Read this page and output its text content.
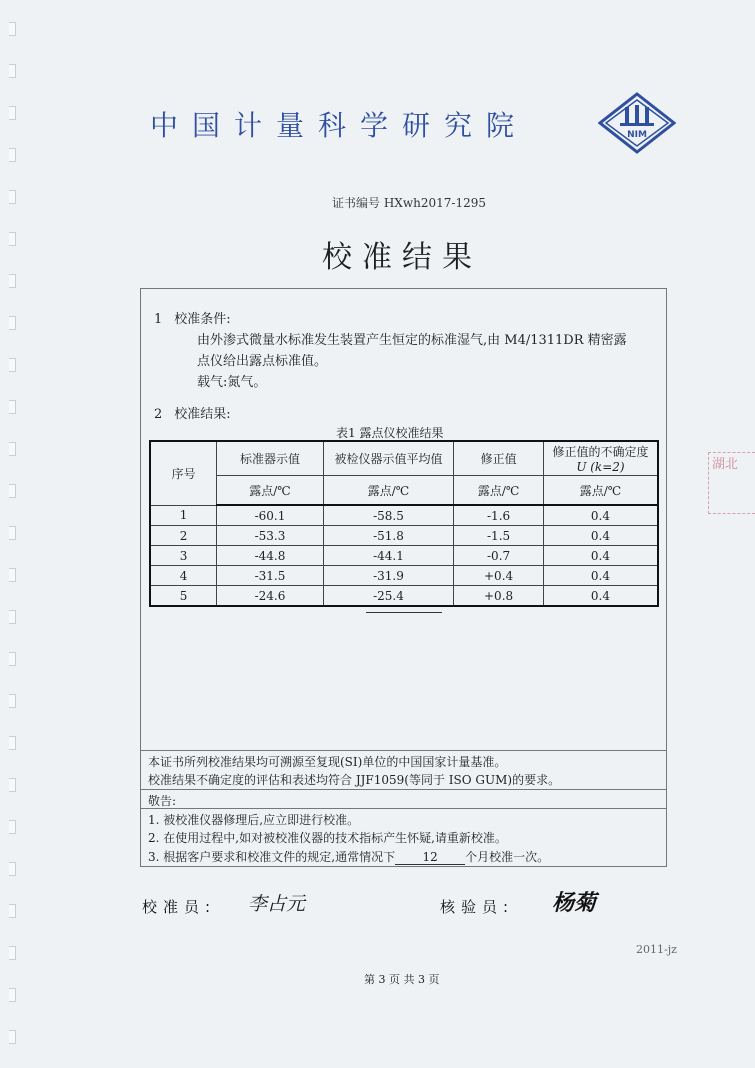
中国计量科学研究院	NIM
证书编号 HXwh2017-1295
校准结果
1 校准条件:

由外渗式微量水标准发生装置产生恒定的标准湿气,由 M4/1311DR 精密露

点仪给出露点标准值。

载气:氮气。

2 校准结果:
表1 露点仪校准结果
序号	标准器示值	被检仪器示值平均值	修正值	修正值的不确定度
U (k=2)
	露点/℃	露点/℃	露点/℃	露点/℃
1	-60.1	-58.5	-1.6	0.4
2	-53.3	-51.8	-1.5	0.4
3	-44.8	-44.1	-0.7	0.4
4	-31.5	-31.9	+0.4	0.4
5	-24.6	-25.4	+0.8	0.4
本证书所列校准结果均可溯源至复现(SI)单位的中国国家计量基准。
校准结果不确定度的评估和表述均符合 JJF1059(等同于 ISO GUM)的要求。
敬告:
1. 被校准仪器修理后,应立即进行校准。
2. 在使用过程中,如对被校准仪器的技术指标产生怀疑,请重新校准。
3. 根据客户要求和校准文件的规定,通常情况下 12 个月校准一次。
校准员: 李占元	核验员: 杨菊
2011-jz
第 3 页 共 3 页
湖北
